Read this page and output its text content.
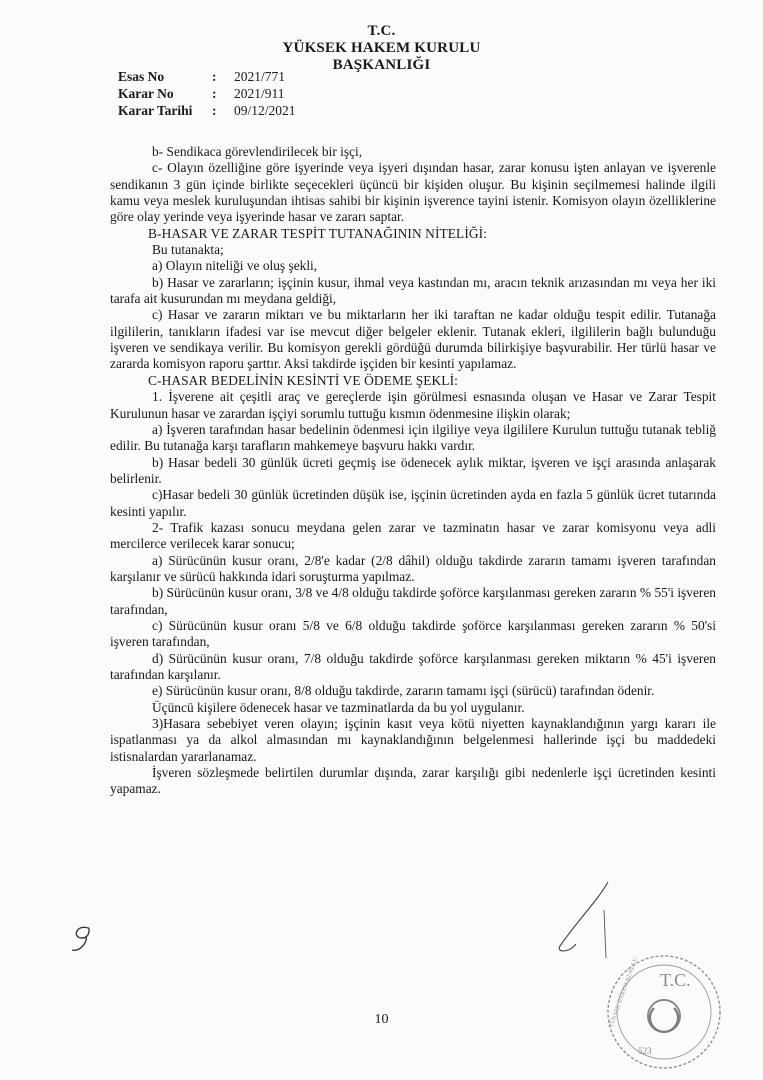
T.C.
YÜKSEK HAKEM KURULU
BAŞKANLIĞI
Esas No	:	2021/771
Karar No	:	2021/911
Karar Tarihi	:	09/12/2021

b- Sendikaca görevlendirilecek bir işçi,

c- Olayın özelliğine göre işyerinde veya işyeri dışından hasar, zarar konusu işten anlayan ve işverenle sendikanın 3 gün içinde birlikte seçecekleri üçüncü bir kişiden oluşur. Bu kişinin seçilmemesi halinde ilgili kamu veya meslek kuruluşundan ihtisas sahibi bir kişinin işverence tayini istenir. Komisyon olayın özelliklerine göre olay yerinde veya işyerinde hasar ve zararı saptar.

B-HASAR VE ZARAR TESPİT TUTANAĞININ NİTELİĞİ:

Bu tutanakta;

a) Olayın niteliği ve oluş şekli,

b) Hasar ve zararların; işçinin kusur, ihmal veya kastından mı, aracın teknik arızasından mı veya her iki tarafa ait kusurundan mı meydana geldiği,

c) Hasar ve zararın miktarı ve bu miktarların her iki taraftan ne kadar olduğu tespit edilir. Tutanağa ilgililerin, tanıkların ifadesi var ise mevcut diğer belgeler eklenir. Tutanak ekleri, ilgililerin bağlı bulunduğu işveren ve sendikaya verilir. Bu komisyon gerekli gördüğü durumda bilirkişiye başvurabilir. Her türlü hasar ve zararda komisyon raporu şarttır. Aksi takdirde işçiden bir kesinti yapılamaz.

C-HASAR BEDELİNİN KESİNTİ VE ÖDEME ŞEKLİ:

1. İşverene ait çeşitli araç ve gereçlerde işin görülmesi esnasında oluşan ve Hasar ve Zarar Tespit Kurulunun hasar ve zarardan işçiyi sorumlu tuttuğu kısmın ödenmesine ilişkin olarak;

a) İşveren tarafından hasar bedelinin ödenmesi için ilgiliye veya ilgililere Kurulun tuttuğu tutanak tebliğ edilir. Bu tutanağa karşı tarafların mahkemeye başvuru hakkı vardır.

b) Hasar bedeli 30 günlük ücreti geçmiş ise ödenecek aylık miktar, işveren ve işçi arasında anlaşarak belirlenir.

c)Hasar bedeli 30 günlük ücretinden düşük ise, işçinin ücretinden ayda en fazla 5 günlük ücret tutarında kesinti yapılır.

2- Trafik kazası sonucu meydana gelen zarar ve tazminatın hasar ve zarar komisyonu veya adli mercilerce verilecek karar sonucu;

a) Sürücünün kusur oranı, 2/8'e kadar (2/8 dâhil) olduğu takdirde zararın tamamı işveren tarafından karşılanır ve sürücü hakkında idari soruşturma yapılmaz.

b) Sürücünün kusur oranı, 3/8 ve 4/8 olduğu takdirde şoförce karşılanması gereken zararın % 55'i işveren tarafından,

c) Sürücünün kusur oranı 5/8 ve 6/8 olduğu takdirde şoförce karşılanması gereken zararın % 50'si işveren tarafından,

d) Sürücünün kusur oranı, 7/8 olduğu takdirde şoförce karşılanması gereken miktarın % 45'i işveren tarafından karşılanır.

e) Sürücünün kusur oranı, 8/8 olduğu takdirde, zararın tamamı işçi (sürücü) tarafından ödenir.

Üçüncü kişilere ödenecek hasar ve tazminatlarda da bu yol uygulanır.

3)Hasara sebebiyet veren olayın; işçinin kasıt veya kötü niyetten kaynaklandığının yargı kararı ile ispatlanması ya da alkol almasından mı kaynaklandığının belgelenmesi hallerinde işçi bu maddedeki istisnalardan yararlanamaz.

İşveren sözleşmede belirtilen durumlar dışında, zarar karşılığı gibi nedenlerle işçi ücretinden kesinti yapamaz.

T.C.
523
YÜKSEK HAKEM KURULU
10
